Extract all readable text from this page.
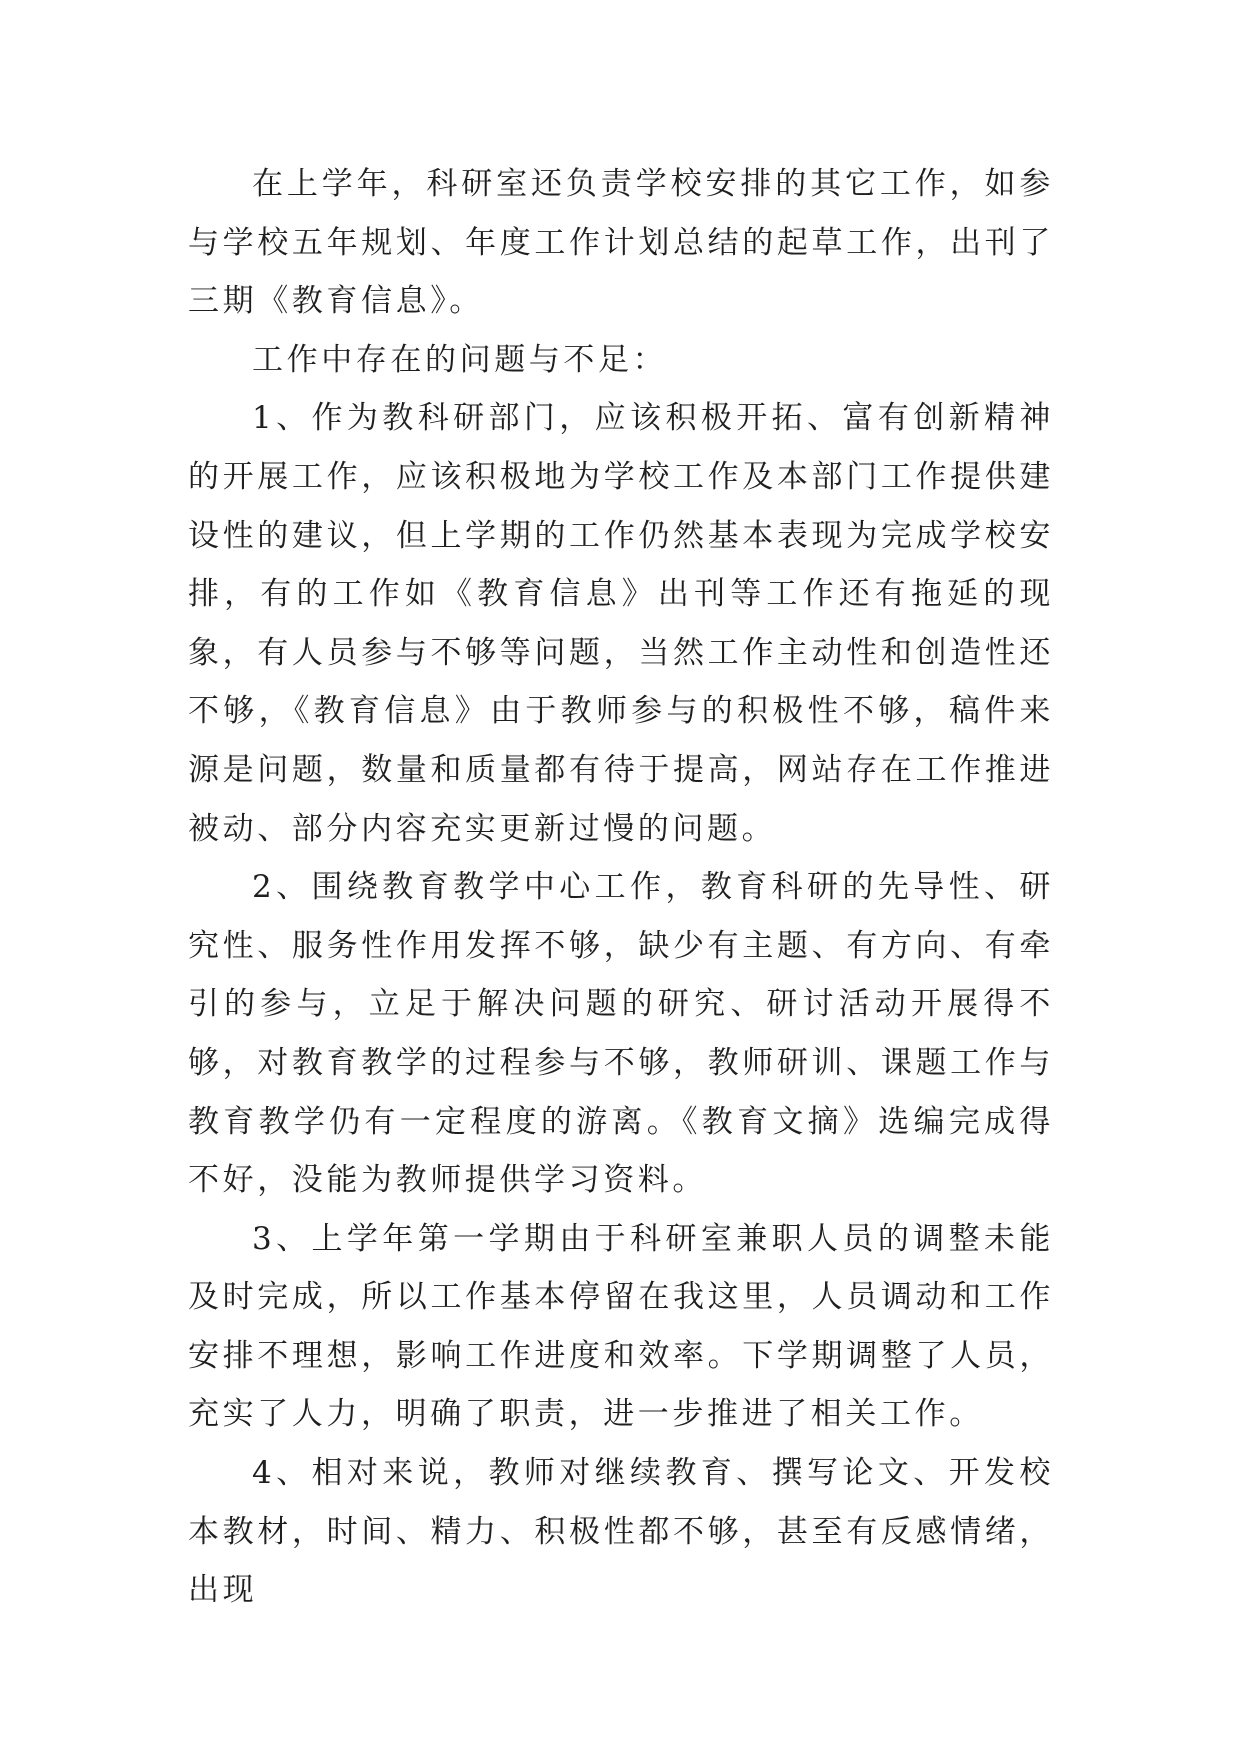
在上学年，科研室还负责学校安排的其它工作，如参与学校五年规划、年度工作计划总结的起草工作，出刊了三期《教育信息》。

工作中存在的问题与不足：

1、作为教科研部门，应该积极开拓、富有创新精神的开展工作，应该积极地为学校工作及本部门工作提供建设性的建议，但上学期的工作仍然基本表现为完成学校安排，有的工作如《教育信息》出刊等工作还有拖延的现象，有人员参与不够等问题，当然工作主动性和创造性还不够，《教育信息》由于教师参与的积极性不够，稿件来源是问题，数量和质量都有待于提高，网站存在工作推进被动、部分内容充实更新过慢的问题。

2、围绕教育教学中心工作，教育科研的先导性、研究性、服务性作用发挥不够，缺少有主题、有方向、有牵引的参与，立足于解决问题的研究、研讨活动开展得不够，对教育教学的过程参与不够，教师研训、课题工作与教育教学仍有一定程度的游离。《教育文摘》选编完成得不好，没能为教师提供学习资料。

3、上学年第一学期由于科研室兼职人员的调整未能及时完成，所以工作基本停留在我这里，人员调动和工作安排不理想，影响工作进度和效率。下学期调整了人员，充实了人力，明确了职责，进一步推进了相关工作。

4、相对来说，教师对继续教育、撰写论文、开发校本教材，时间、精力、积极性都不够，甚至有反感情绪，出现
